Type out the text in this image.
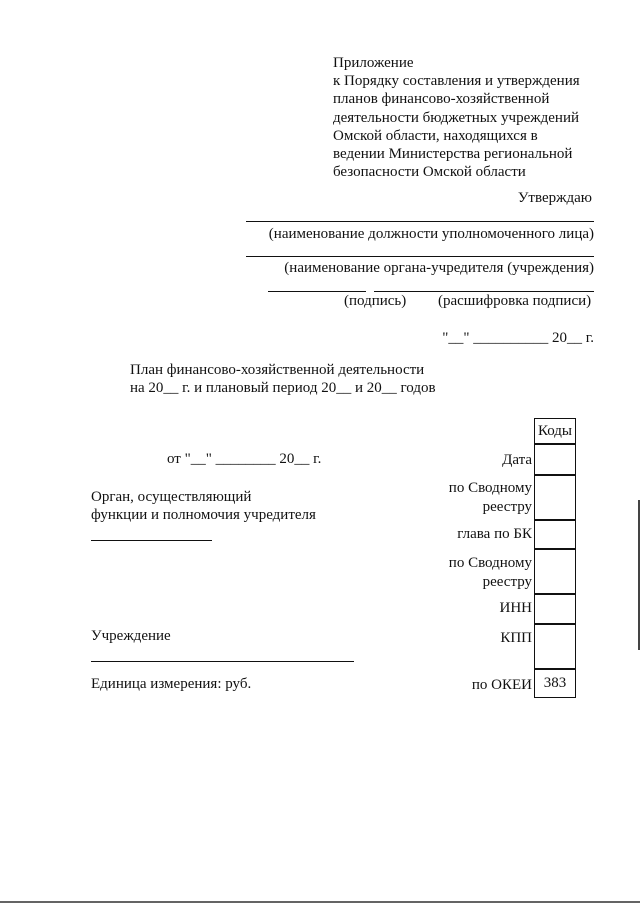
Приложение
к Порядку составления и утверждения
планов финансово-хозяйственной
деятельности бюджетных учреждений
Омской области, находящихся в
ведении Министерства региональной
безопасности Омской области
Утверждаю
(наименование должности уполномоченного лица)
(наименование органа-учредителя (учреждения)
(подпись) (расшифровка подписи)
"__" __________ 20__ г.
План финансово-хозяйственной деятельности
на 20__ г. и плановый период 20__ и 20__ годов
от "__" ________ 20__ г.
Орган, осуществляющий
функции и полномочия учредителя
Учреждение
Единица измерения: руб.
Коды
383
Дата
по Сводному реестру
глава по БК
по Сводному реестру
ИНН
КПП
по ОКЕИ
